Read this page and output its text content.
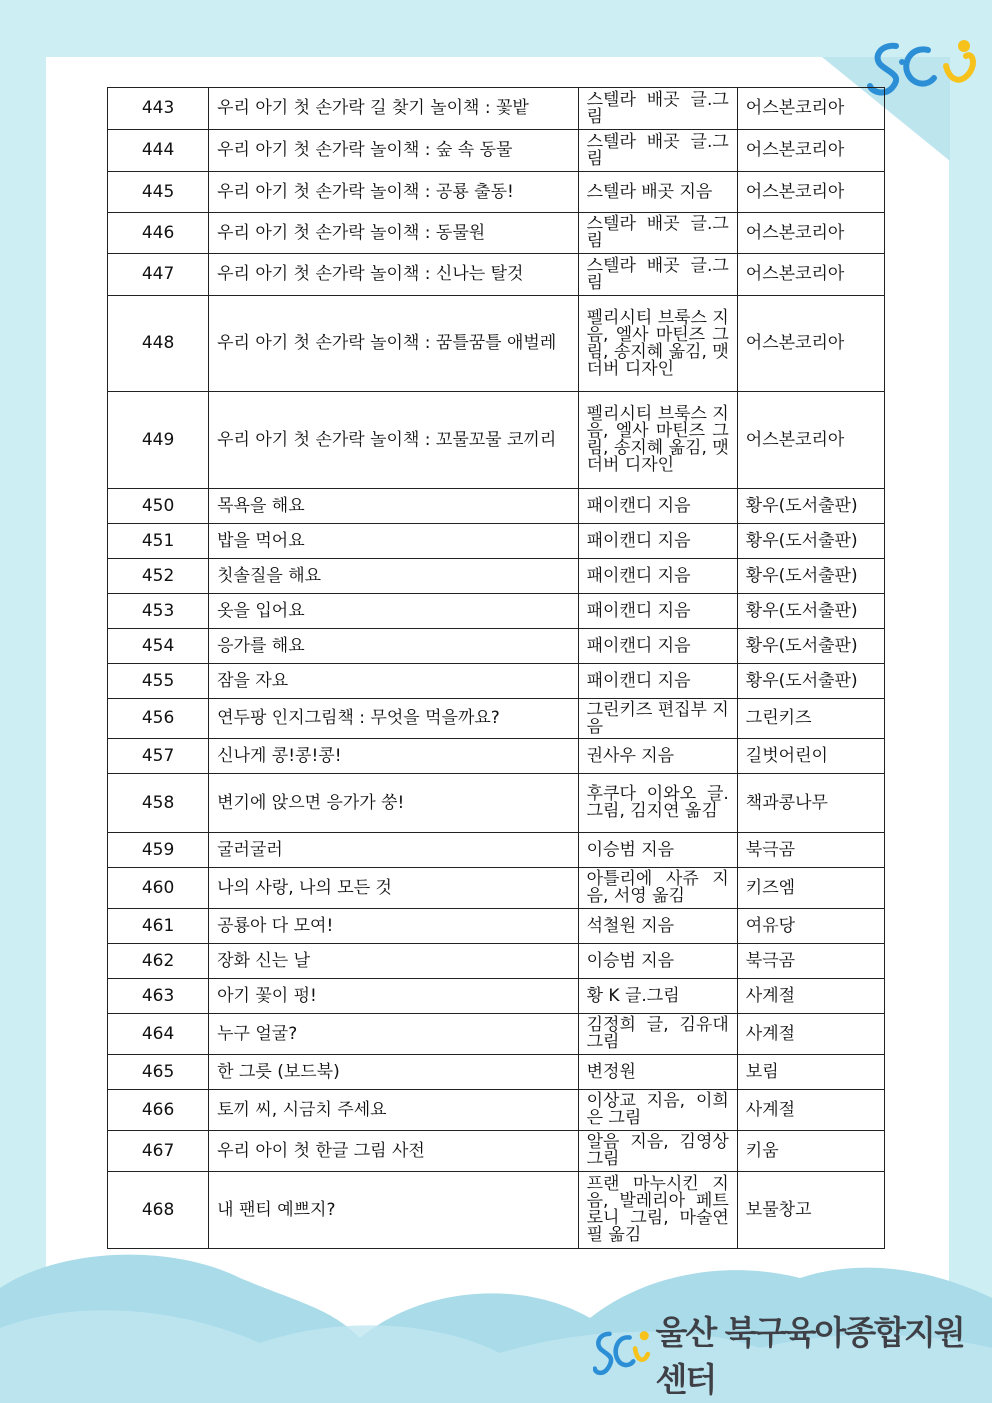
울산 북구육아종합지원센터
443	우리 아기 첫 손가락 길 찾기 놀이책 : 꽃밭	스텔라 배곳 글.그림	어스본코리아
444	우리 아기 첫 손가락 놀이책 : 숲 속 동물	스텔라 배곳 글.그림	어스본코리아
445	우리 아기 첫 손가락 놀이책 : 공룡 출동!	스텔라 배곳 지음	어스본코리아
446	우리 아기 첫 손가락 놀이책 : 동물원	스텔라 배곳 글.그림	어스본코리아
447	우리 아기 첫 손가락 놀이책 : 신나는 탈것	스텔라 배곳 글.그림	어스본코리아
448	우리 아기 첫 손가락 놀이책 : 꿈틀꿈틀 애벌레	펠리시티 브룩스 지음, 엘사 마틴즈 그림, 송지혜 옮김, 맷 더버 디자인	어스본코리아
449	우리 아기 첫 손가락 놀이책 : 꼬물꼬물 코끼리	펠리시티 브룩스 지음, 엘사 마틴즈 그림, 송지혜 옮김, 맷 더버 디자인	어스본코리아
450	목욕을 해요	패이캔디 지음	황우(도서출판)
451	밥을 먹어요	패이캔디 지음	황우(도서출판)
452	칫솔질을 해요	패이캔디 지음	황우(도서출판)
453	옷을 입어요	패이캔디 지음	황우(도서출판)
454	응가를 해요	패이캔디 지음	황우(도서출판)
455	잠을 자요	패이캔디 지음	황우(도서출판)
456	연두팡 인지그림책 : 무엇을 먹을까요?	그린키즈 편집부 지음	그린키즈
457	신나게 콩!콩!콩!	권사우 지음	길벗어린이
458	변기에 앉으면 응가가 쑹!	후쿠다 이와오 글.그림, 김지연 옮김	책과콩나무
459	굴러굴러	이승범 지음	북극곰
460	나의 사랑, 나의 모든 것	아틀리에 사쥬 지음, 서영 옮김	키즈엠
461	공룡아 다 모여!	석철원 지음	여유당
462	장화 신는 날	이승범 지음	북극곰
463	아기 꽃이 펑!	황 K 글.그림	사계절
464	누구 얼굴?	김정희 글, 김유대 그림	사계절
465	한 그릇 (보드북)	변정원	보림
466	토끼 씨, 시금치 주세요	이상교 지음, 이희은 그림	사계절
467	우리 아이 첫 한글 그림 사전	알음 지음, 김영상 그림	키움
468	내 팬티 예쁘지?	프랜 마누시킨 지음, 발레리아 페트로니 그림, 마술연필 옮김	보물창고
